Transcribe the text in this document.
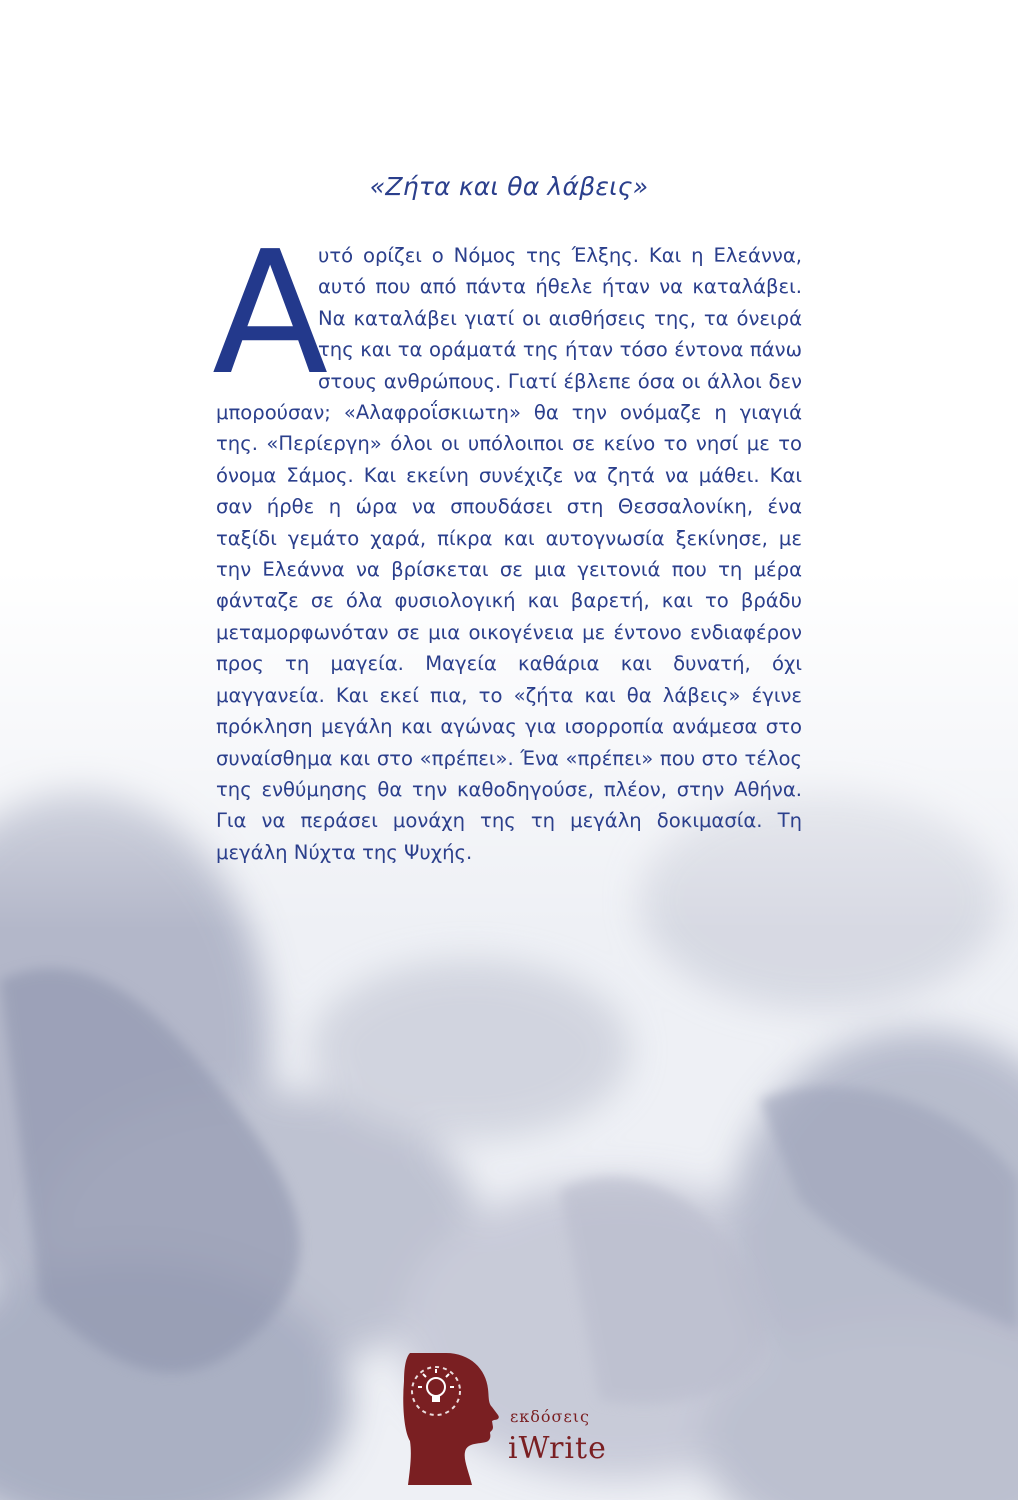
«Ζήτα και θα λάβεις»
Α
υτό ορίζει ο Νόμος της Έλξης. Και η Ελεάννα, αυτό που από πάντα ήθελε ήταν να καταλάβει. Να καταλάβει γιατί οι αισθήσεις της, τα όνειρά της και τα οράματά της ήταν τόσο έντονα πάνω στους ανθρώπους. Γιατί έβλεπε όσα οι άλλοι δεν μπορούσαν; «Αλαφροΐσκιωτη» θα την ονόμαζε η γιαγιά της. «Περίεργη» όλοι οι υπόλοιποι σε κείνο το νησί με το όνομα Σάμος. Και εκείνη συνέχιζε να ζητά να μάθει. Και σαν ήρθε η ώρα να σπουδάσει στη Θεσσαλονίκη, ένα ταξίδι γεμάτο χαρά, πίκρα και αυτογνωσία ξεκίνησε, με την Ελεάννα να βρίσκεται σε μια γειτονιά που τη μέρα φάνταζε σε όλα φυσιολογική και βαρετή, και το βράδυ μεταμορφωνόταν σε μια οικογένεια με έντονο ενδιαφέρον προς τη μαγεία. Μαγεία καθάρια και δυνατή, όχι μαγγανεία. Και εκεί πια, το «ζήτα και θα λάβεις» έγινε πρόκληση μεγάλη και αγώνας για ισορροπία ανάμεσα στο συναίσθημα και στο «πρέπει». Ένα «πρέπει» που στο τέλος της ενθύμησης θα την καθοδηγούσε, πλέον, στην Αθήνα. Για να περάσει μονάχη της τη μεγάλη δοκιμασία. Τη μεγάλη Νύχτα της Ψυχής.
εκδόσεις
iWrite
